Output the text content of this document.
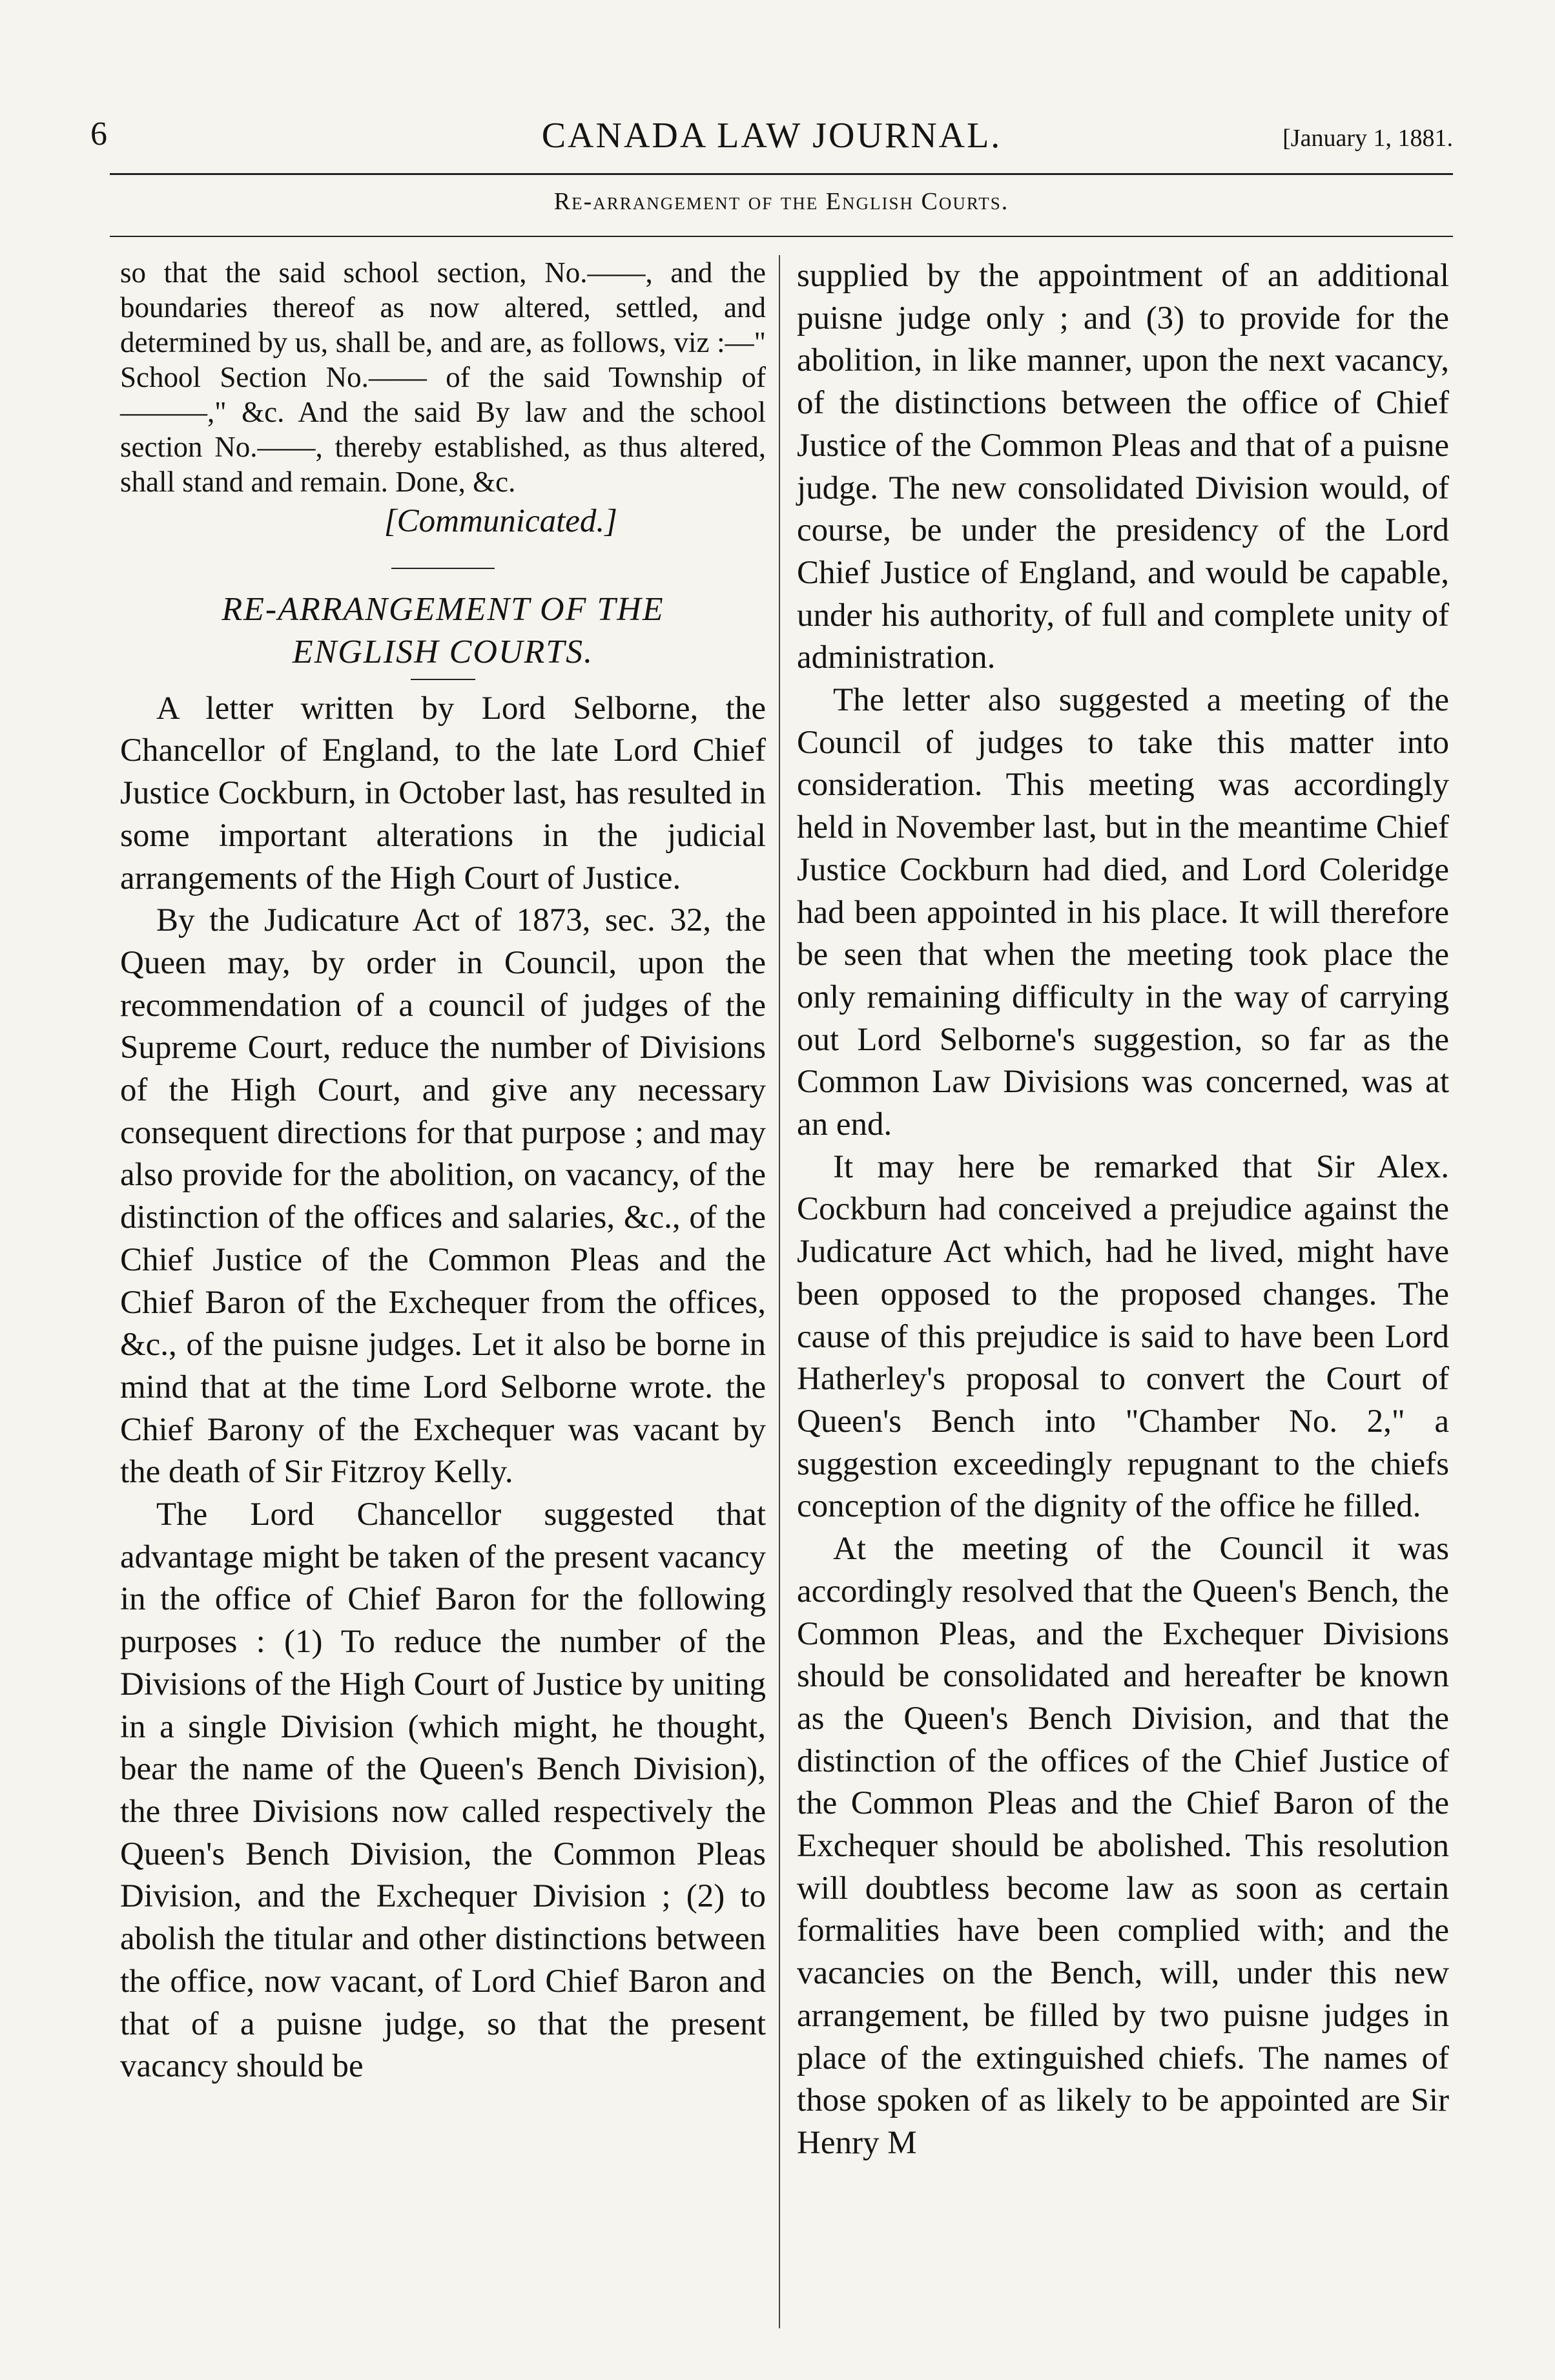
6	CANADA LAW JOURNAL.	[January 1, 1881.
Re-arrangement of the English Courts.

so that the said school section, No.——, and the boundaries thereof as now altered, settled, and determined by us, shall be, and are, as follows, viz :—" School Section No.—— of the said Township of———," &c. And the said By law and the school section No.——, thereby established, as thus altered, shall stand and remain. Done, &c.

[Communicated.]

RE-ARRANGEMENT OF THE
ENGLISH COURTS.

A letter written by Lord Selborne, the Chancellor of England, to the late Lord Chief Justice Cockburn, in October last, has resulted in some important alterations in the judicial arrangements of the High Court of Justice.

By the Judicature Act of 1873, sec. 32, the Queen may, by order in Council, upon the recommendation of a council of judges of the Supreme Court, reduce the number of Divisions of the High Court, and give any necessary consequent directions for that purpose ; and may also provide for the abolition, on vacancy, of the distinction of the offices and salaries, &c., of the Chief Justice of the Common Pleas and the Chief Baron of the Exchequer from the offices, &c., of the puisne judges. Let it also be borne in mind that at the time Lord Selborne wrote. the Chief Barony of the Exchequer was vacant by the death of Sir Fitzroy Kelly.

The Lord Chancellor suggested that advantage might be taken of the present vacancy in the office of Chief Baron for the following purposes : (1) To reduce the number of the Divisions of the High Court of Justice by uniting in a single Division (which might, he thought, bear the name of the Queen's Bench Division), the three Divisions now called respectively the Queen's Bench Division, the Common Pleas Division, and the Exchequer Division ; (2) to abolish the titular and other distinctions between the office, now vacant, of Lord Chief Baron and that of a puisne judge, so that the present vacancy should be

supplied by the appointment of an additional puisne judge only ; and (3) to provide for the abolition, in like manner, upon the next vacancy, of the distinctions between the office of Chief Justice of the Common Pleas and that of a puisne judge. The new consolidated Division would, of course, be under the presidency of the Lord Chief Justice of England, and would be capable, under his authority, of full and complete unity of administration.

The letter also suggested a meeting of the Council of judges to take this matter into consideration. This meeting was accordingly held in November last, but in the meantime Chief Justice Cockburn had died, and Lord Coleridge had been appointed in his place. It will therefore be seen that when the meeting took place the only remaining difficulty in the way of carrying out Lord Selborne's suggestion, so far as the Common Law Divisions was concerned, was at an end.

It may here be remarked that Sir Alex. Cockburn had conceived a prejudice against the Judicature Act which, had he lived, might have been opposed to the proposed changes. The cause of this prejudice is said to have been Lord Hatherley's proposal to convert the Court of Queen's Bench into "Chamber No. 2," a suggestion exceedingly repugnant to the chiefs conception of the dignity of the office he filled.

At the meeting of the Council it was accordingly resolved that the Queen's Bench, the Common Pleas, and the Exchequer Divisions should be consolidated and hereafter be known as the Queen's Bench Division, and that the distinction of the offices of the Chief Justice of the Common Pleas and the Chief Baron of the Exchequer should be abolished. This resolution will doubtless become law as soon as certain formalities have been complied with; and the vacancies on the Bench, will, under this new arrangement, be filled by two puisne judges in place of the extinguished chiefs. The names of those spoken of as likely to be appointed are Sir Henry M
